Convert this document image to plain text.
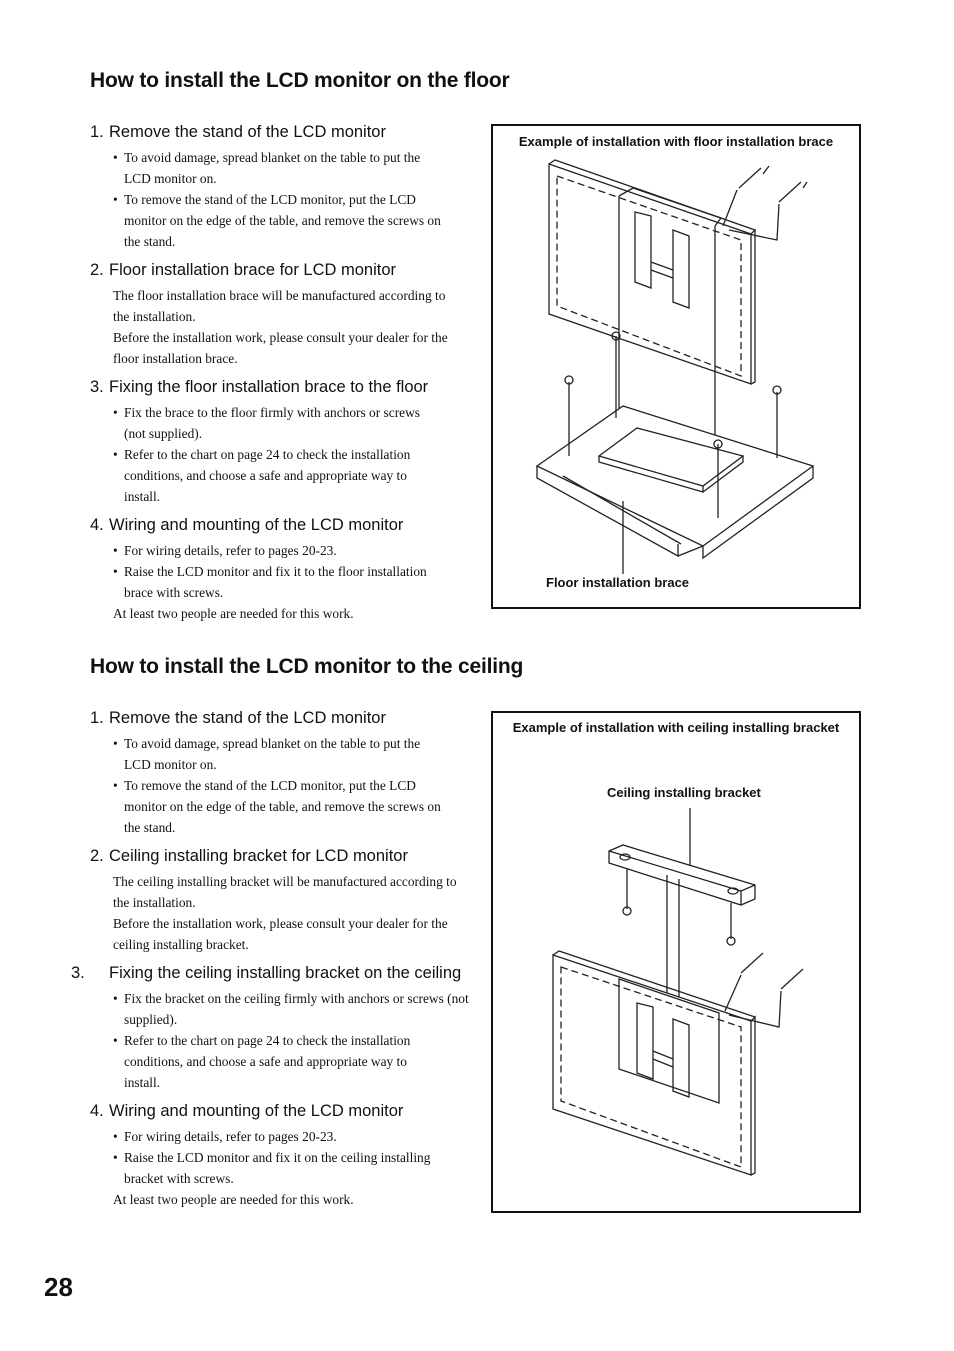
How to install the LCD monitor on the floor

1. Remove the stand of the LCD monitor

• To avoid damage, spread blanket on the table to put the LCD monitor on.
• To remove the stand of the LCD monitor, put the LCD monitor on the edge of the table, and remove the screws on the stand.

2. Floor installation brace for LCD monitor

The floor installation brace will be manufactured according to the installation.

Before the installation work, please consult your dealer for the floor installation brace.

3. Fixing the floor installation brace to the floor

• Fix the brace to the floor firmly with anchors or screws (not supplied).
• Refer to the chart on page 24 to check the installation conditions, and choose a safe and appropriate way to install.

4. Wiring and mounting of the LCD monitor

• For wiring details, refer to pages 20-23.
• Raise the LCD monitor and fix it to the floor installation brace with screws.

At least two people are needed for this work.

Example of installation with floor installation brace
Floor installation brace
How to install the LCD monitor to the ceiling

1. Remove the stand of the LCD monitor

• To avoid damage, spread blanket on the table to put the LCD monitor on.
• To remove the stand of the LCD monitor, put the LCD monitor on the edge of the table, and remove the screws on the stand.

2. Ceiling installing bracket for LCD monitor

The ceiling installing bracket will be manufactured according to the installation.

Before the installation work, please consult your dealer for the ceiling installing bracket.

3. Fixing the ceiling installing bracket on the ceiling

• Fix the bracket on the ceiling firmly with anchors or screws (not supplied).
• Refer to the chart on page 24 to check the installation conditions, and choose a safe and appropriate way to install.

4. Wiring and mounting of the LCD monitor

• For wiring details, refer to pages 20-23.
• Raise the LCD monitor and fix it on the ceiling installing bracket with screws.

At least two people are needed for this work.

Example of installation with ceiling installing bracket
Ceiling installing bracket
28
